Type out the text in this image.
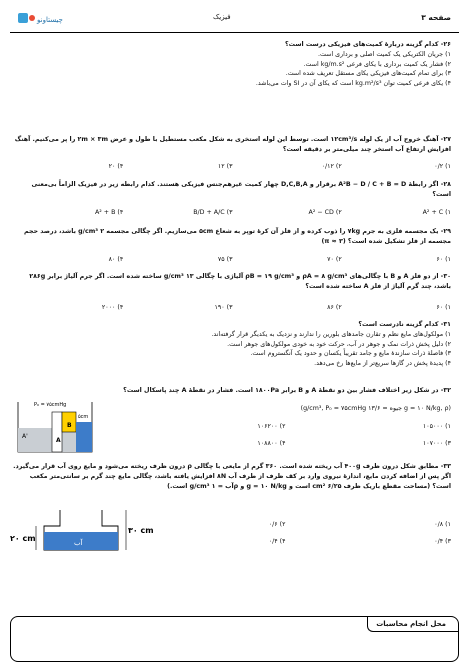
چیستاونو	فیزیک	صفحه ۳
۲۶- کدام گزینه دربارهٔ کمیت‌های فیزیکی درست است؟
۱) جریان الکتریکی یک کمیت اصلی و برداری است.
۲) فشار یک کمیت برداری با یکای فرعی kg/m.s² است.
۳) برای تمام کمیت‌های فیزیکی یکای مستقل تعریف شده است.
۴) یکای فرعی کمیت توان kg.m²/s³ است که یکای آن در SI وات می‌باشد.
۲۷- آهنگ خروج آب از یک لوله ۱۲cm³/s است. توسط این لوله استخری به شکل مکعب مستطیل با طول و عرض ۲m × ۳m را پر می‌کنیم. آهنگ افزایش ارتفاع آب استخر چند میلی‌متر بر دقیقه است؟
۱) ۰/۲
۲) ۰/۱۲
۳) ۱۲
۴) ۲۰
۲۸- اگر رابطهٔ A²B − D / C + B = D برقرار و D,C,B,A چهار کمیت غیرهم‌جنس فیزیکی هستند. کدام رابطه زیر در فیزیک الزاماً بی‌معنی است؟
۱) A² + C
۲) A² − CD
۳) B/D + A/C
۴) A² + B
۲۹- یک مجسمه فلزی به جرم ۷kg را ذوب کرده و از فلز آن کرهٔ توپر به شعاع ۵cm می‌سازیم. اگر چگالی مجسمه ۲ g/cm³ باشد، درصد حجم مجسمه از فلز تشکیل شده است؟ (π ≈ ۳)
۱) ۶۰
۲) ۷۰
۳) ۷۵
۴) ۸۰
۳۰- از دو فلز A و B با چگالی‌های ρA = ۸ g/cm³ و ρB = ۱۹ g/cm³ آلیاژی با چگالی ۱۳ g/cm³ ساخته شده است. اگر جرم آلیاژ برابر ۲۸۶g باشد، چند گرم آلیاژ از فلز A ساخته شده است؟
۱) ۶۰
۲) ۸۶
۳) ۱۹۰
۴) ۲۰۰۰
۳۱- کدام گزینه نادرست است؟
۱) مولکول‌های مایع نظم و تقارن جامدهای بلورین را ندارند و نزدیک به یکدیگر قرار گرفته‌اند.
۲) دلیل پخش ذرات نمک و جوهر در آب، حرکت خود به خودی مولکول‌های جوهر است.
۳) فاصلهٔ ذرات سازندهٔ مایع و جامد تقریباً یکسان و حدود یک آنگستروم است.
۴) پدیدهٔ پخش در گازها سریع‌تر از مایع‌ها رخ می‌دهد.
۳۲- در شکل زیر اختلاف فشار بین دو نقطهٔ A و B برابر ۱۸۰۰Pa است. فشار در نقطهٔ A چند پاسکال است؟
(g = ۱۰ N/kg, ρ جیوه = ۱۳/۶ g/cm³, P₀ = ۷۵cmHg)
۱) ۱۰۵۰۰۰
۲) ۱۰۶۲۰۰
۳) ۱۰۷۰۰۰
۴) ۱۰۸۸۰۰
P₀ = ۷۵cmHg
۵cm
B
A
A'
۳۳- مطابق شکل درون ظرف ۴۰۰g آب ریخته شده است. ۳۶۰ گرم از مایعی با چگالی ρ درون ظرف ریخته می‌شود و مایع روی آب قرار می‌گیرد. اگر پس از اضافه کردن مایع، اندازهٔ نیروی وارد بر کف ظرف از طرف آب ۸N افزایش یافته باشد، چگالی مایع چند گرم بر سانتی‌متر مکعب است؟ (مساحت مقطع باریک ظرف ۶/۲۵ cm² است و g = ۱۰ N/kg و ρآب = ۱ g/cm³ است.)
۱) ۰/۸
۲) ۰/۶
۳) ۰/۴
۴) ۰/۴
۲۰ cm
۳۰ cm
آب
محل انجام محاسبات
